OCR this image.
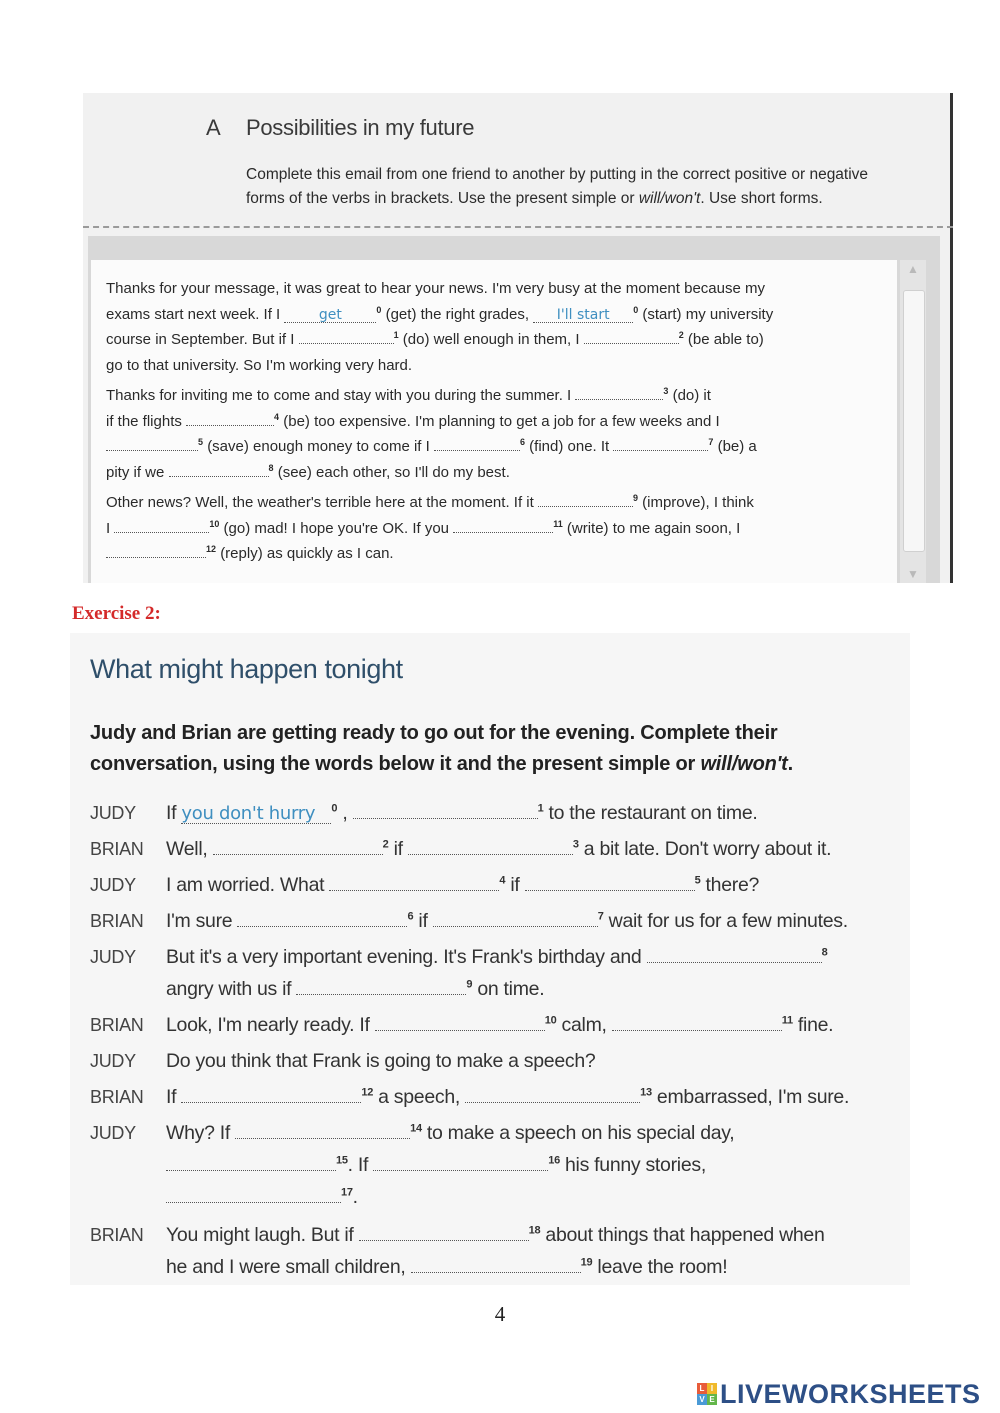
A Possibilities in my future
Complete this email from one friend to another by putting in the correct positive or negative
forms of the verbs in brackets. Use the present simple or will/won't. Use short forms.
▲
▼

Thanks for your message, it was great to hear your news. I'm very busy at the moment because my
exams start next week. If I	get	$^0$ (get) the right grades, I'll start	$^0$ (start) my university
course in September. But if I	$^1$ (do) well enough in them, I	$^2$ (be able to)
go to that university. So I'm working very hard.

Thanks for inviting me to come and stay with you during the summer. I	$^3$ (do) it
if the flights	$^4$ (be) too expensive. I'm planning to get a job for a few weeks and I
$^5$ (save) enough money to come if I	$^6$ (find) one. It	$^7$ (be) a
pity if we	$^8$ (see) each other, so I'll do my best.

Other news? Well, the weather's terrible here at the moment. If it	$^9$ (improve), I think
I	$^{10}$ (go) mad! I hope you're OK. If you	$^{11}$ (write) to me again soon, I
$^{12}$ (reply) as quickly as I can.

Exercise 2:
What might happen tonight
Judy and Brian are getting ready to go out for the evening. Complete their
conversation, using the words below it and the present simple or will/won't.
JUDY	If you don't hurry $^0$ ,	$^1$ to the restaurant on time.
BRIAN	Well,	$^2$ if	$^3$ a bit late. Don't worry about it.
JUDY	I am worried. What	$^4$ if	$^5$ there?
BRIAN	I'm sure	$^6$ if	$^7$ wait for us for a few minutes.
JUDY	But it's a very important evening. It's Frank's birthday and	$^8$
angry with us if	$^9$ on time.
BRIAN	Look, I'm nearly ready. If	$^{10}$ calm,	$^{11}$ fine.
JUDY	Do you think that Frank is going to make a speech?
BRIAN	If	$^{12}$ a speech,	$^{13}$ embarrassed, I'm sure.
JUDY	Why? If	$^{14}$ to make a speech on his special day,
$^{15}$. If	$^{16}$ his funny stories,
$^{17}$.
BRIAN	You might laugh. But if	$^{18}$ about things that happened when
he and I were small children,	$^{19}$ leave the room!
4
L I
V E LIVEWORKSHEETS
